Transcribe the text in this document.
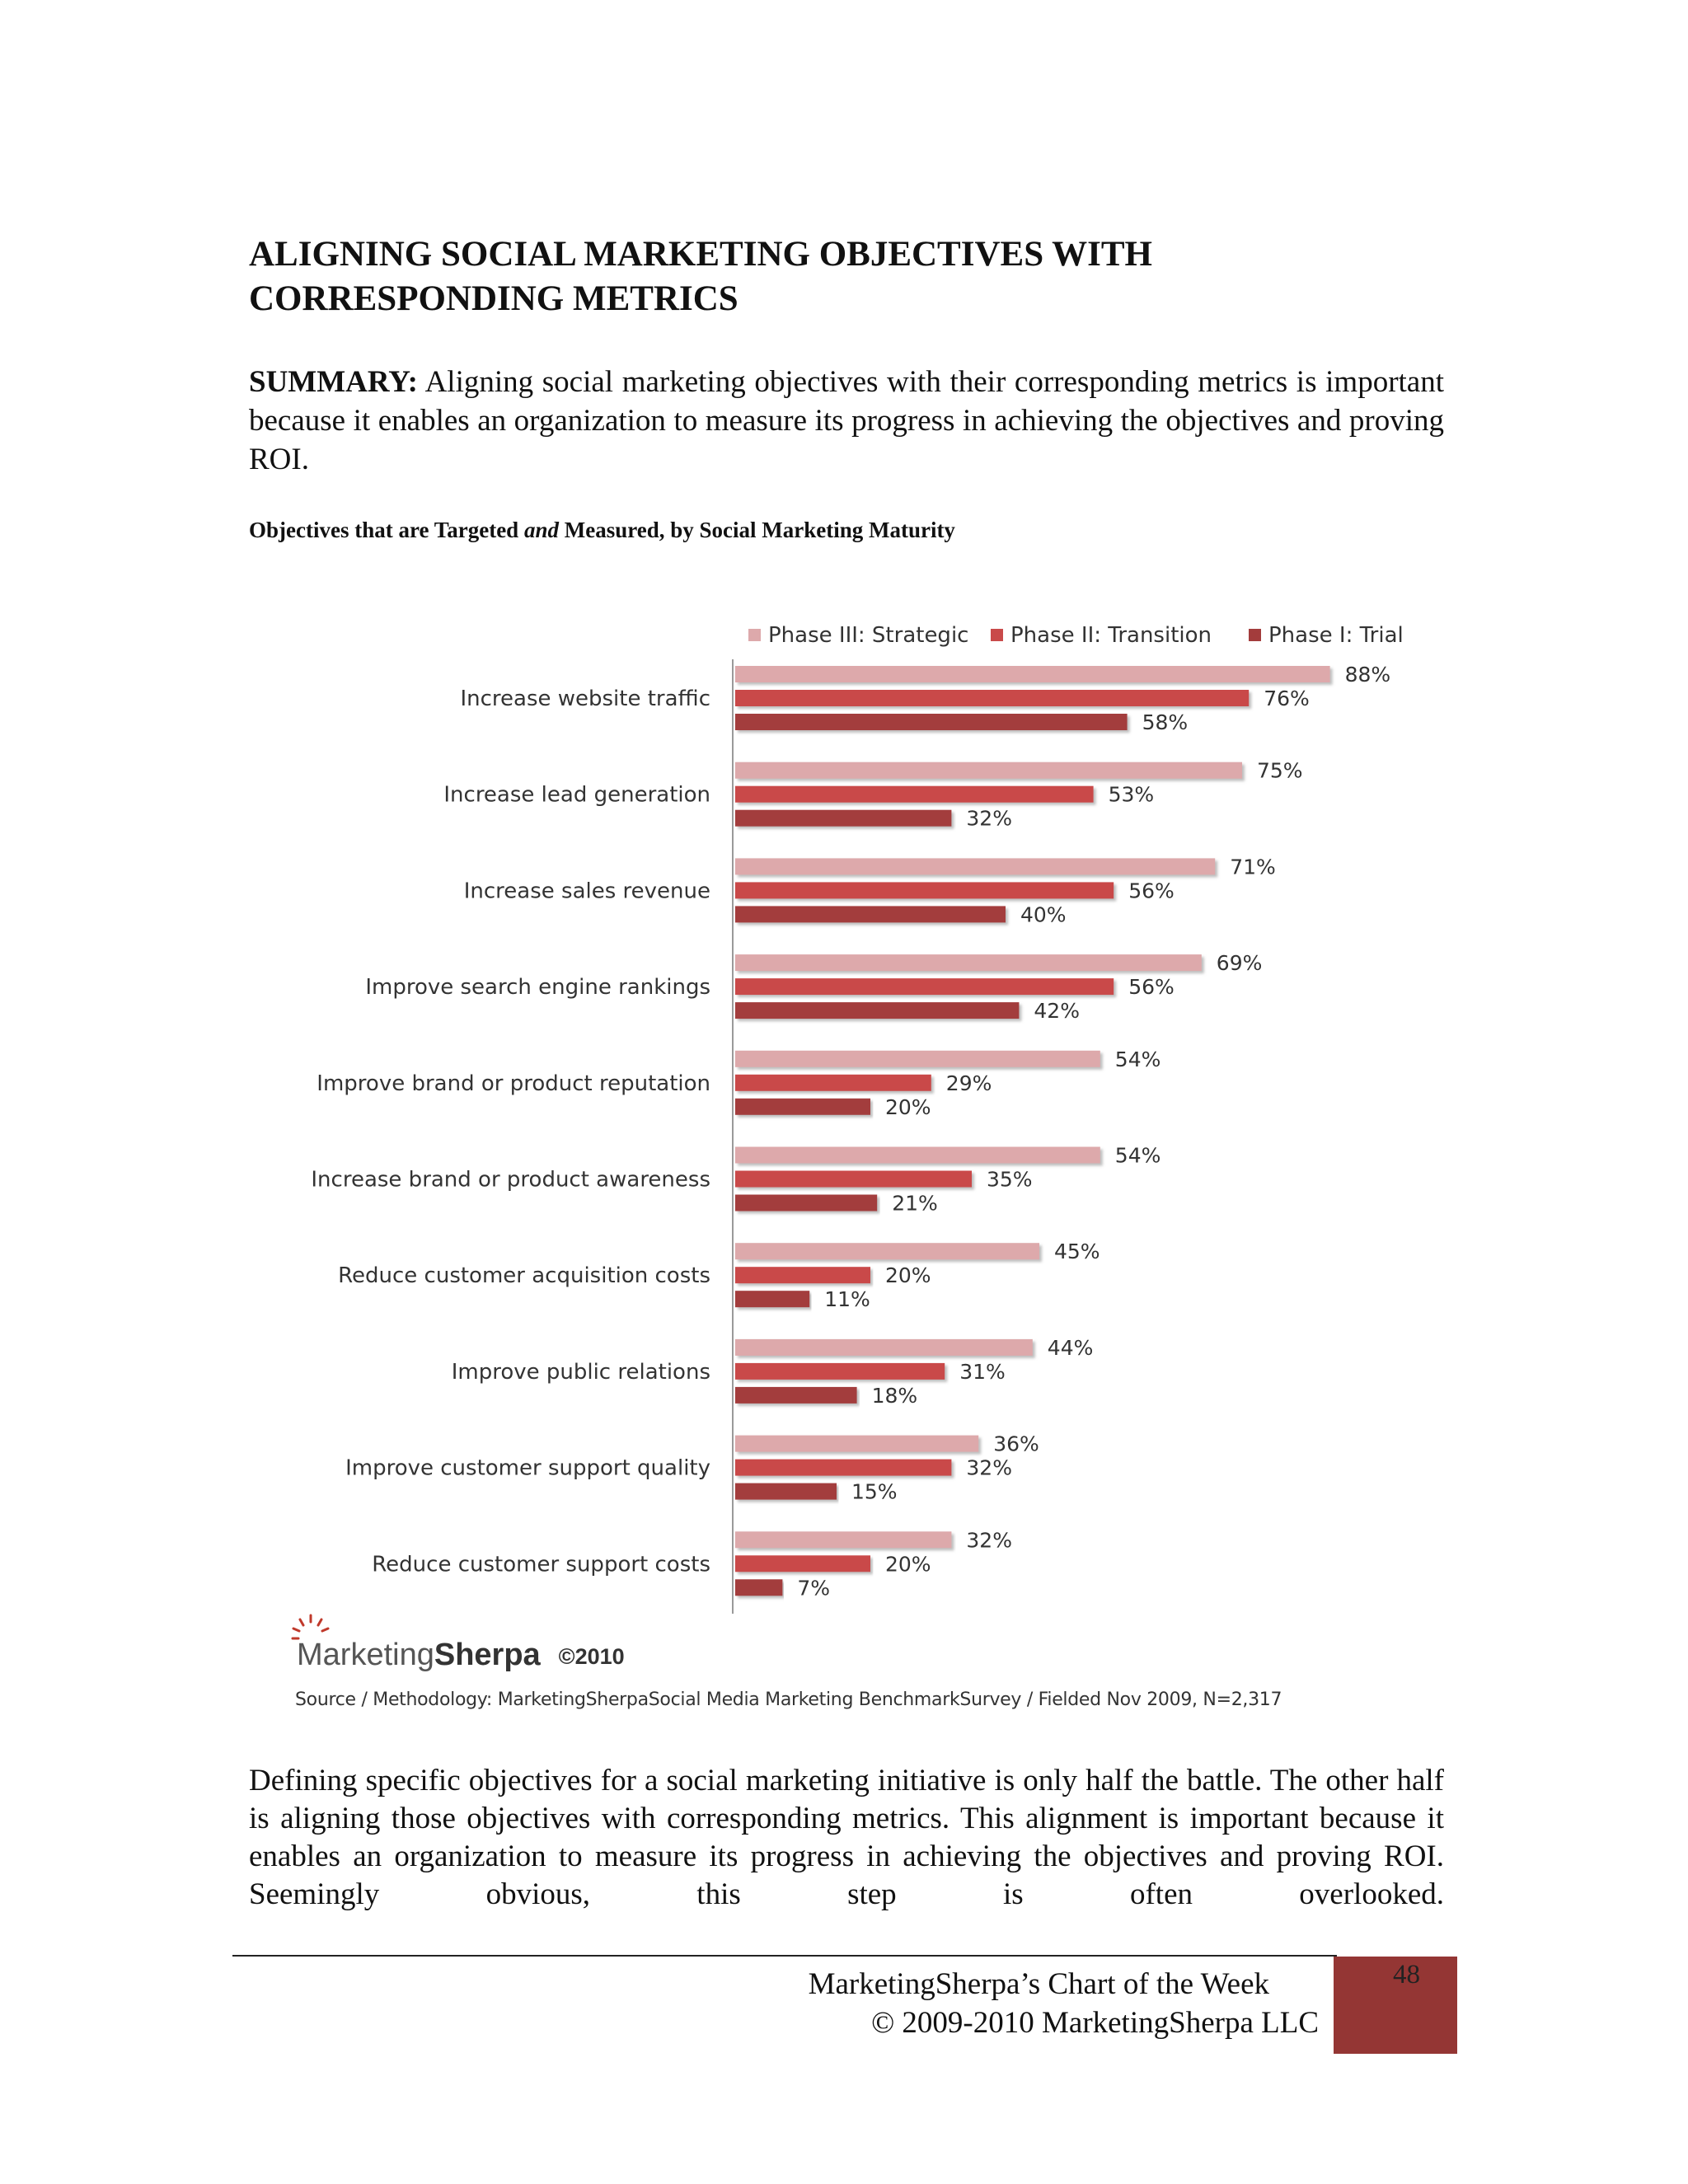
ALIGNING SOCIAL MARKETING OBJECTIVES WITH CORRESPONDING METRICS

SUMMARY: Aligning social marketing objectives with their corresponding metrics is important because it enables an organization to measure its progress in achieving the objectives and proving ROI.

Objectives that are Targeted and Measured, by Social Marketing Maturity

Phase III: Strategic Phase II: Transition	Phase I: Trial
88%
76%
58%
75%
53%
32%
71%
56%
40%
69%
56%
42%
54%
29%
20%
54%
35%
21%
45%
20%
11%
44%
31%
18%
36%
32%
15%
32%
20%
7%
Increase website traffic
Increase lead generation
Increase sales revenue
Improve search engine rankings
Improve brand or product reputation
Increase brand or product awareness
Reduce customer acquisition costs
Improve public relations
Improve customer support quality
Reduce customer support costs
MarketingSherpa ©2010
Source / Methodology: MarketingSherpaSocial Media Marketing BenchmarkSurvey / Fielded Nov 2009, N=2,317

Defining specific objectives for a social marketing initiative is only half the battle. The other half is aligning those objectives with corresponding metrics. This alignment is important because it enables an organization to measure its progress in achieving the objectives and proving ROI. Seemingly obvious, this step is often overlooked.

MarketingSherpa’s Chart of the Week
© 2009-2010 MarketingSherpa LLC
48
